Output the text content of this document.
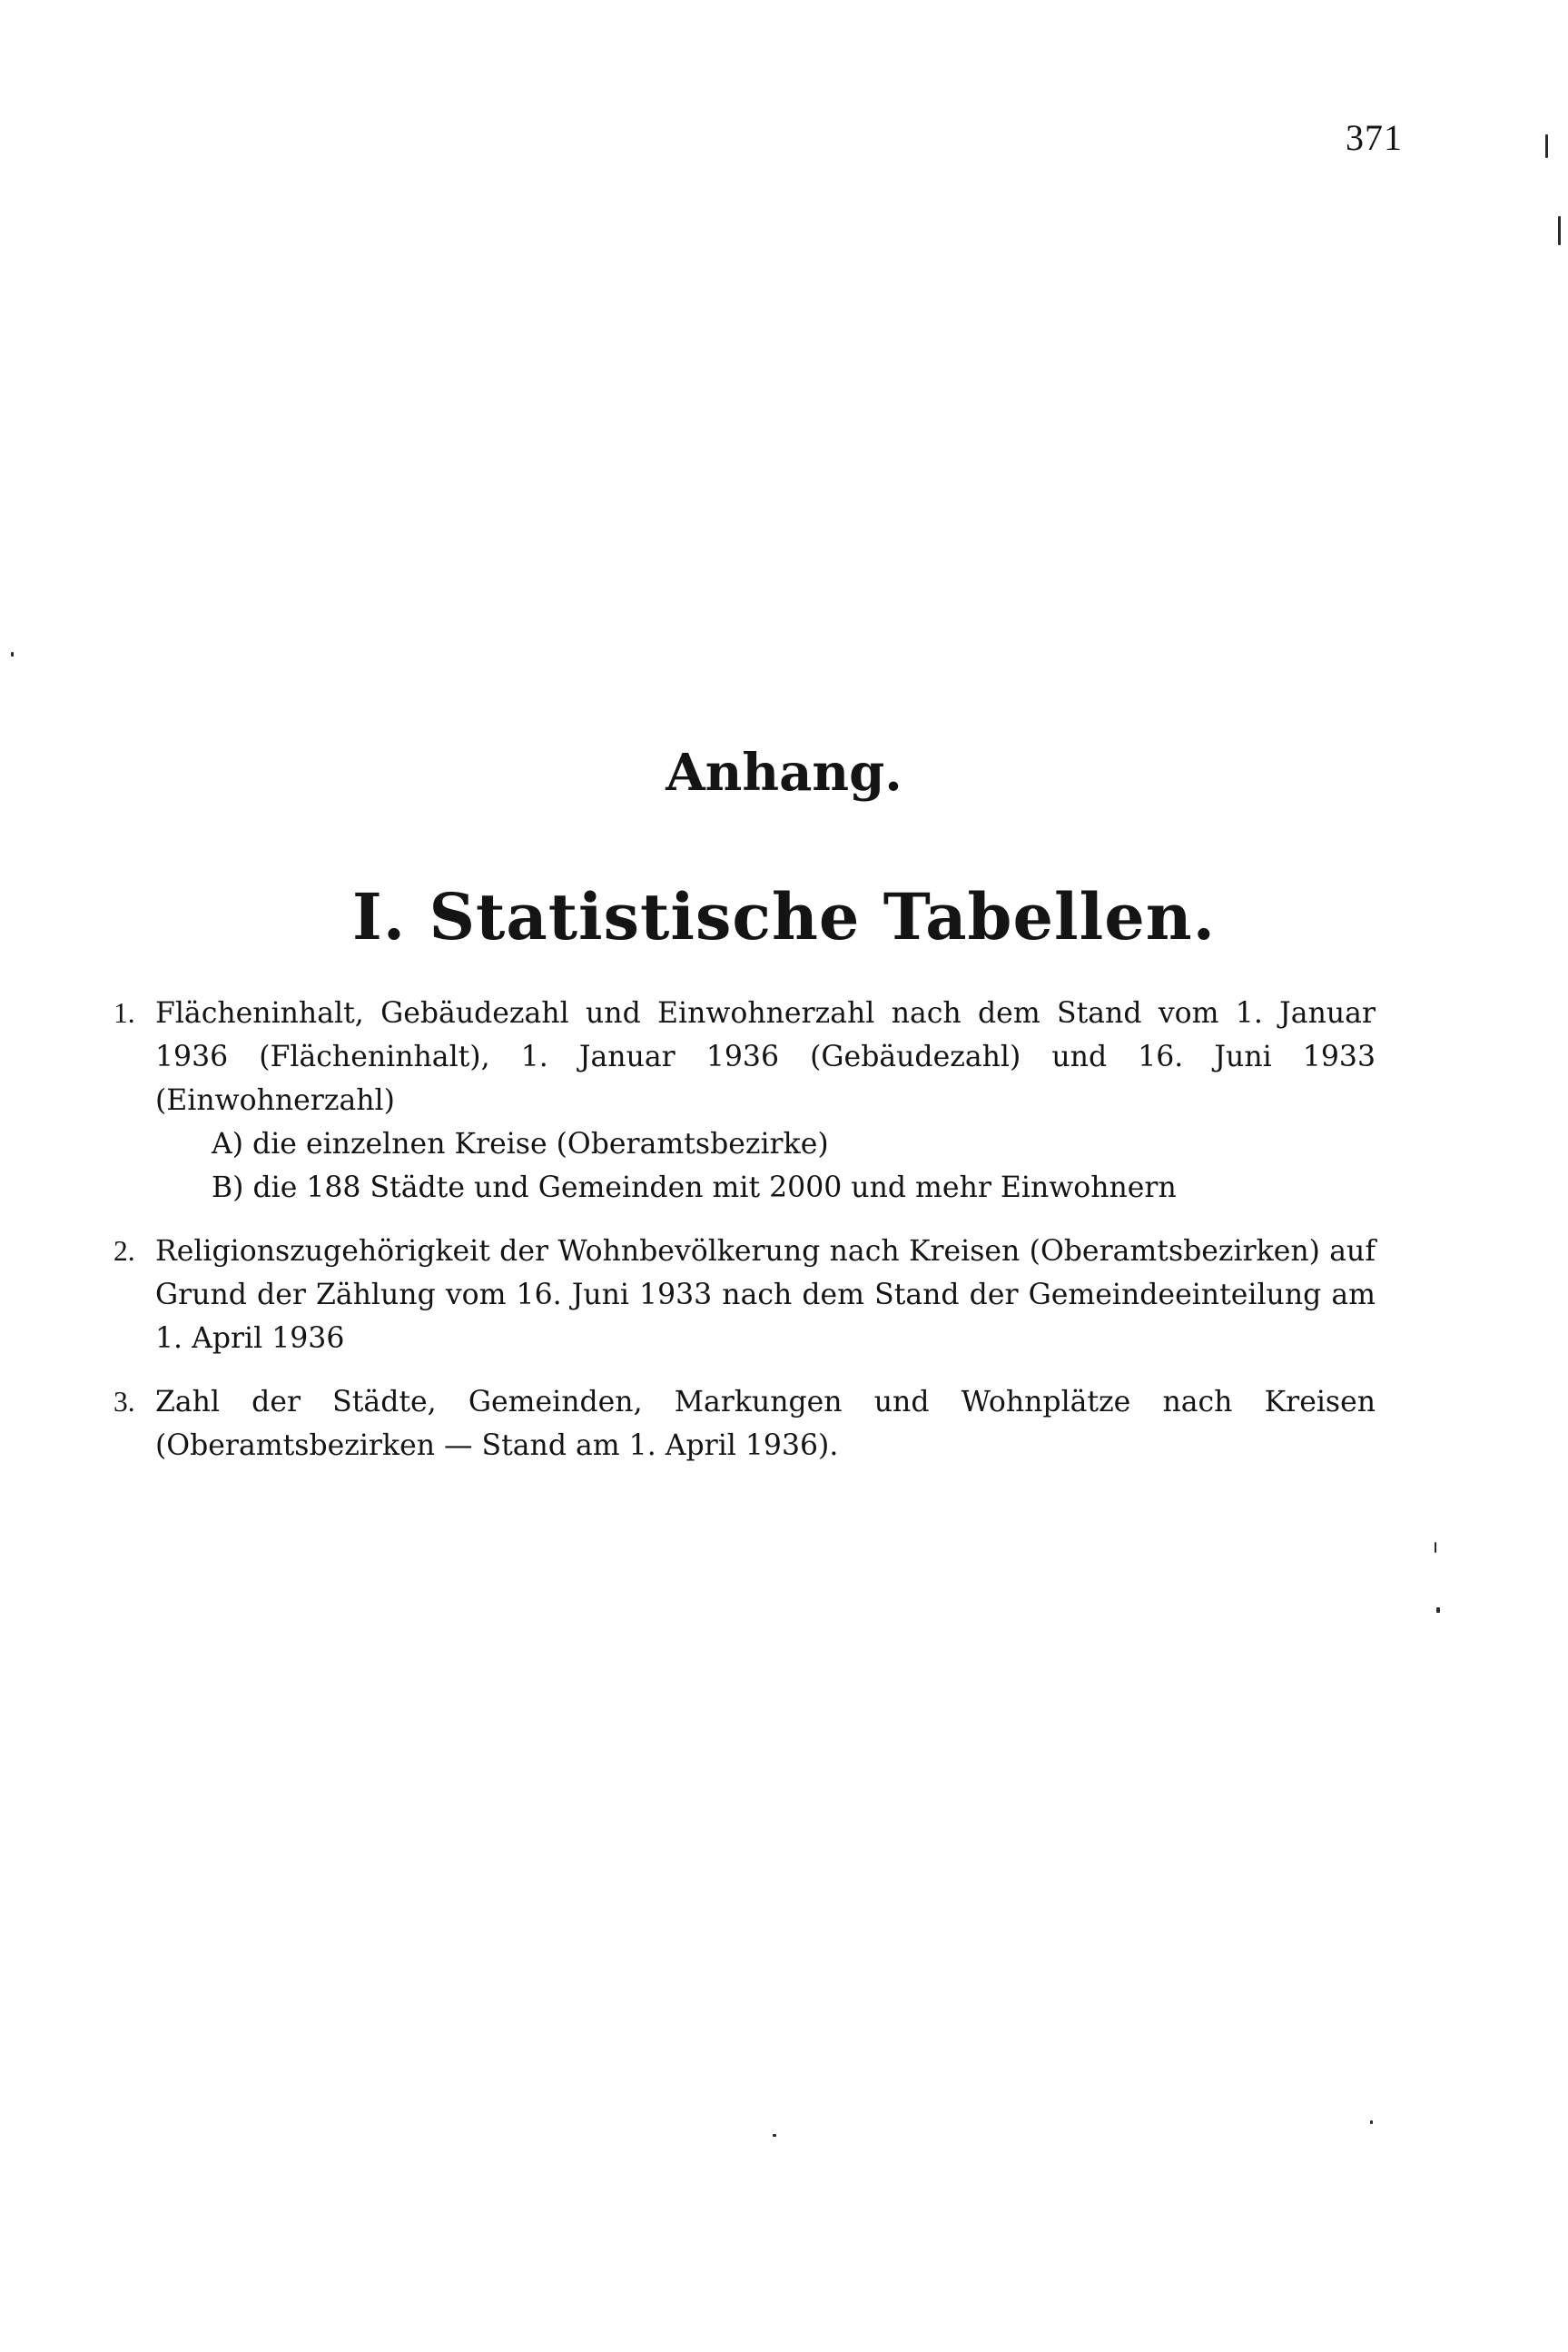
371
Anhang.
I. Statistische Tabellen.
1. Flächeninhalt, Gebäudezahl und Einwohnerzahl nach dem Stand vom 1. Januar 1936 (Flächeninhalt), 1. Januar 1936 (Gebäudezahl) und 16. Juni 1933 (Einwohnerzahl)
A) die einzelnen Kreise (Oberamtsbezirke)
B) die 188 Städte und Gemeinden mit 2000 und mehr Einwohnern
2. Religionszugehörigkeit der Wohnbevölkerung nach Kreisen (Oberamtsbezirken) auf Grund der Zählung vom 16. Juni 1933 nach dem Stand der Gemeindeeinteilung am 1. April 1936
3. Zahl der Städte, Gemeinden, Markungen und Wohnplätze nach Kreisen (Oberamtsbezirken — Stand am 1. April 1936).
